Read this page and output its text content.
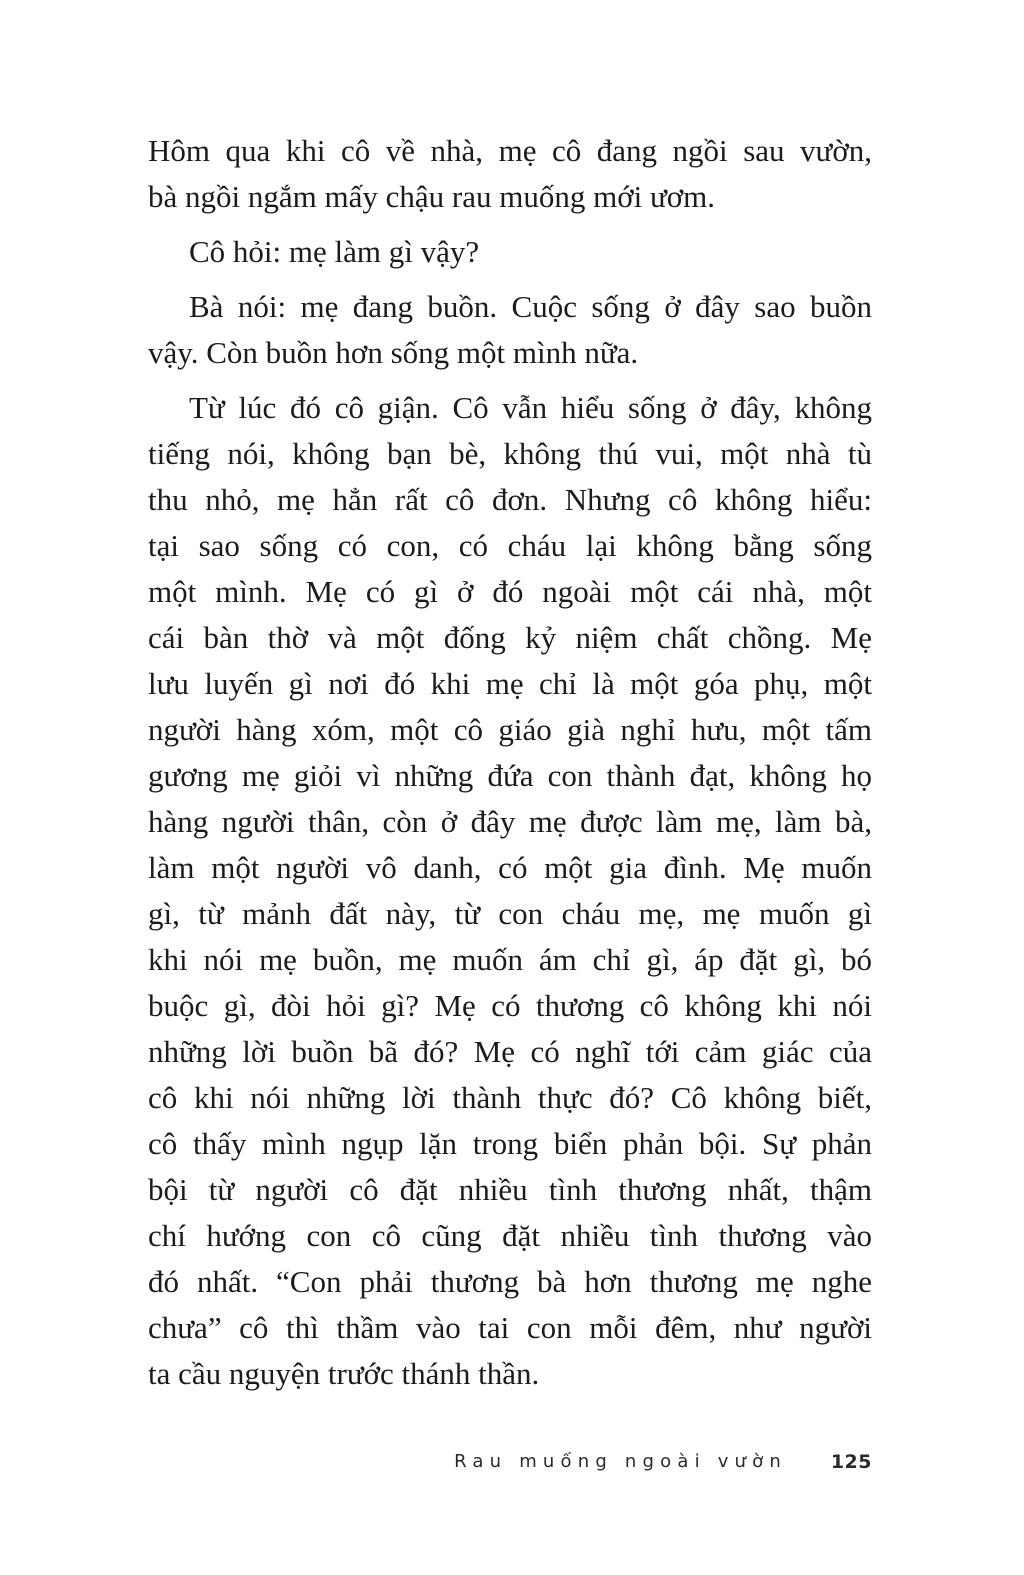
Hôm qua khi cô về nhà, mẹ cô đang ngồi sau vườn,
bà ngồi ngắm mấy chậu rau muống mới ươm.
Cô hỏi: mẹ làm gì vậy?
Bà nói: mẹ đang buồn. Cuộc sống ở đây sao buồn
vậy. Còn buồn hơn sống một mình nữa.
Từ lúc đó cô giận. Cô vẫn hiểu sống ở đây, không
tiếng nói, không bạn bè, không thú vui, một nhà tù
thu nhỏ, mẹ hẳn rất cô đơn. Nhưng cô không hiểu:
tại sao sống có con, có cháu lại không bằng sống
một mình. Mẹ có gì ở đó ngoài một cái nhà, một
cái bàn thờ và một đống kỷ niệm chất chồng. Mẹ
lưu luyến gì nơi đó khi mẹ chỉ là một góa phụ, một
người hàng xóm, một cô giáo già nghỉ hưu, một tấm
gương mẹ giỏi vì những đứa con thành đạt, không họ
hàng người thân, còn ở đây mẹ được làm mẹ, làm bà,
làm một người vô danh, có một gia đình. Mẹ muốn
gì, từ mảnh đất này, từ con cháu mẹ, mẹ muốn gì
khi nói mẹ buồn, mẹ muốn ám chỉ gì, áp đặt gì, bó
buộc gì, đòi hỏi gì? Mẹ có thương cô không khi nói
những lời buồn bã đó? Mẹ có nghĩ tới cảm giác của
cô khi nói những lời thành thực đó? Cô không biết,
cô thấy mình ngụp lặn trong biển phản bội. Sự phản
bội từ người cô đặt nhiều tình thương nhất, thậm
chí hướng con cô cũng đặt nhiều tình thương vào
đó nhất. “Con phải thương bà hơn thương mẹ nghe
chưa” cô thì thầm vào tai con mỗi đêm, như người
ta cầu nguyện trước thánh thần.
Rau muống ngoài vườn 125
